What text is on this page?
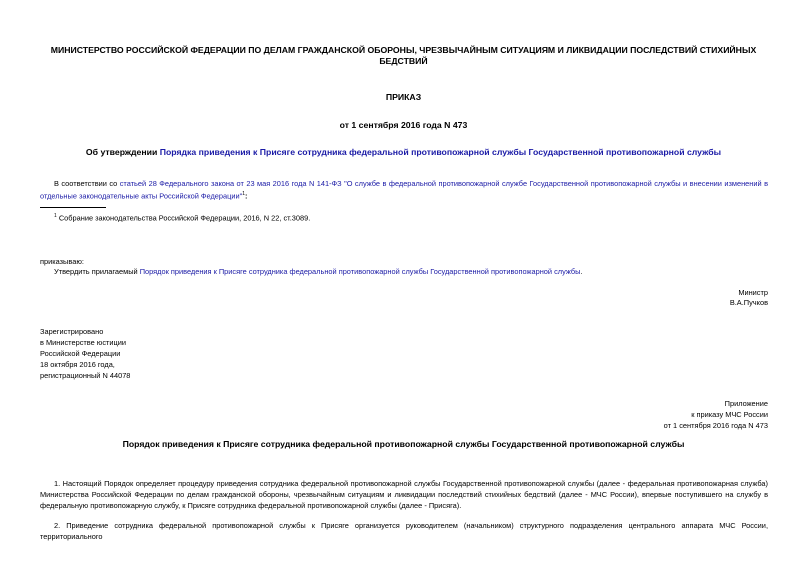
МИНИСТЕРСТВО РОССИЙСКОЙ ФЕДЕРАЦИИ ПО ДЕЛАМ ГРАЖДАНСКОЙ ОБОРОНЫ, ЧРЕЗВЫЧАЙНЫМ СИТУАЦИЯМ И ЛИКВИДАЦИИ ПОСЛЕДСТВИЙ СТИХИЙНЫХ БЕДСТВИЙ
ПРИКАЗ
от 1 сентября 2016 года N 473
Об утверждении Порядка приведения к Присяге сотрудника федеральной противопожарной службы Государственной противопожарной службы
В соответствии со статьей 28 Федерального закона от 23 мая 2016 года N 141-ФЗ "О службе в федеральной противопожарной службе Государственной противопожарной службы и внесении изменений в отдельные законодательные акты Российской Федерации"$^1$:
$^1$ Собрание законодательства Российской Федерации, 2016, N 22, ст.3089.
приказываю:
Утвердить прилагаемый Порядок приведения к Присяге сотрудника федеральной противопожарной службы Государственной противопожарной службы.
Министр
В.А.Пучков
Зарегистрировано
в Министерстве юстиции
Российской Федерации
18 октября 2016 года,
регистрационный N 44078
Приложение
к приказу МЧС России
от 1 сентября 2016 года N 473
Порядок приведения к Присяге сотрудника федеральной противопожарной службы Государственной противопожарной службы
1. Настоящий Порядок определяет процедуру приведения сотрудника федеральной противопожарной службы Государственной противопожарной службы (далее - федеральная противопожарная служба) Министерства Российской Федерации по делам гражданской обороны, чрезвычайным ситуациям и ликвидации последствий стихийных бедствий (далее - МЧС России), впервые поступившего на службу в федеральную противопожарную службу, к Присяге сотрудника федеральной противопожарной службы (далее - Присяга).
2. Приведение сотрудника федеральной противопожарной службы к Присяге организуется руководителем (начальником) структурного подразделения центрального аппарата МЧС России, территориального
